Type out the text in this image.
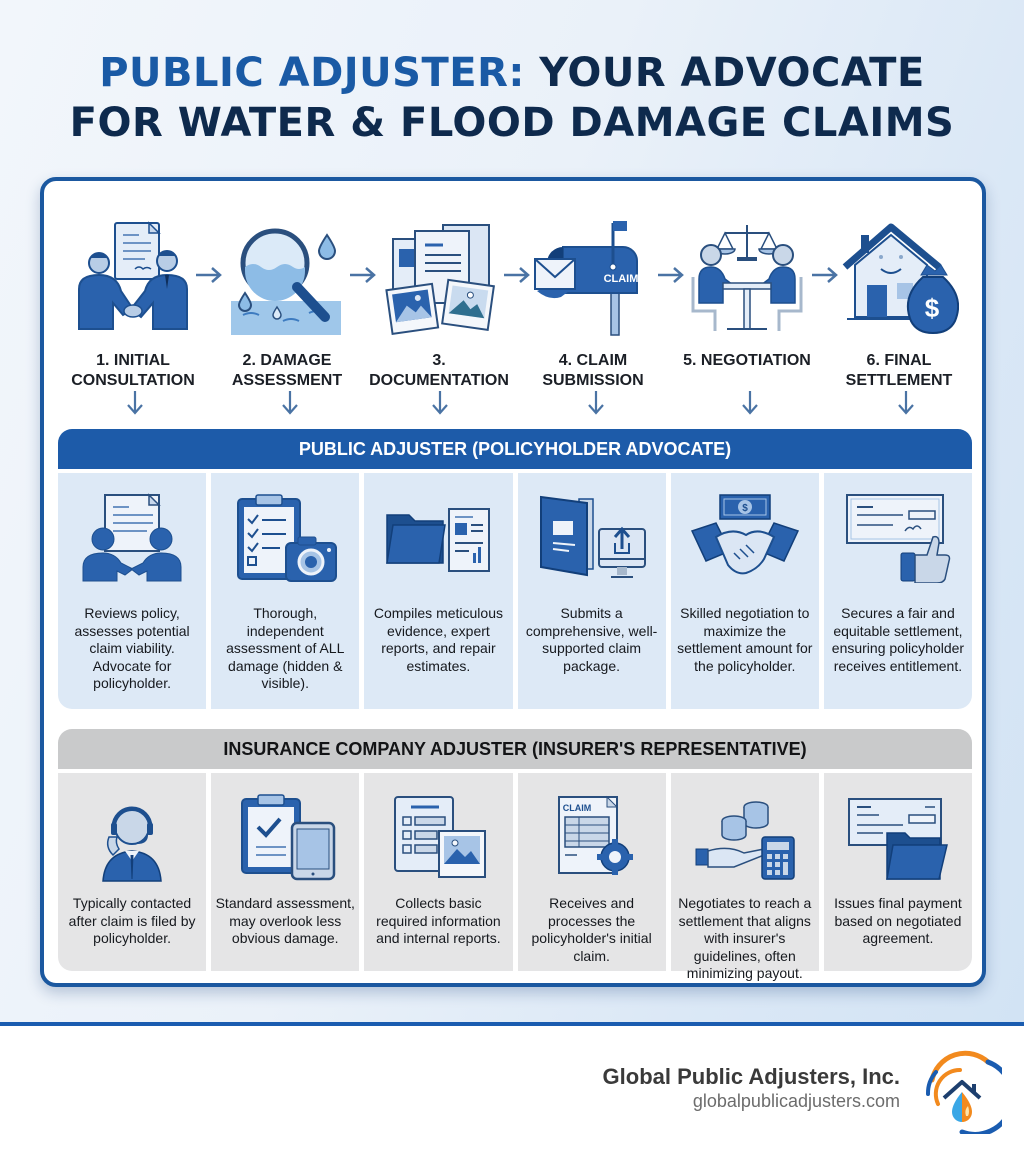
PUBLIC ADJUSTER: YOUR ADVOCATE
FOR WATER & FLOOD DAMAGE CLAIMS
1. INITIAL
CONSULTATION
2. DAMAGE
ASSESSMENT
3. DOCUMENTATION
CLAIM
4. CLAIM
SUBMISSION
5. NEGOTIATION
$
6. FINAL
SETTLEMENT
PUBLIC ADJUSTER (POLICYHOLDER ADVOCATE)
Reviews policy, assesses potential claim viability. Advocate for policyholder.
Thorough, independent assessment of ALL damage (hidden & visible).
Compiles meticulous evidence, expert reports, and repair estimates.
Submits a comprehensive, well-supported claim package.
$
Skilled negotiation to maximize the settlement amount for the policyholder.
Secures a fair and equitable settlement, ensuring policyholder receives entitlement.
INSURANCE COMPANY ADJUSTER (INSURER'S REPRESENTATIVE)
Typically contacted after claim is filed by policyholder.
Standard assessment, may overlook less obvious damage.
Collects basic required information and internal reports.
CLAIM
Receives and processes the policyholder's initial claim.
Negotiates to reach a settlement that aligns with insurer's guidelines, often minimizing payout.
Issues final payment based on negotiated agreement.
Global Public Adjusters, Inc.
globalpublicadjusters.com
